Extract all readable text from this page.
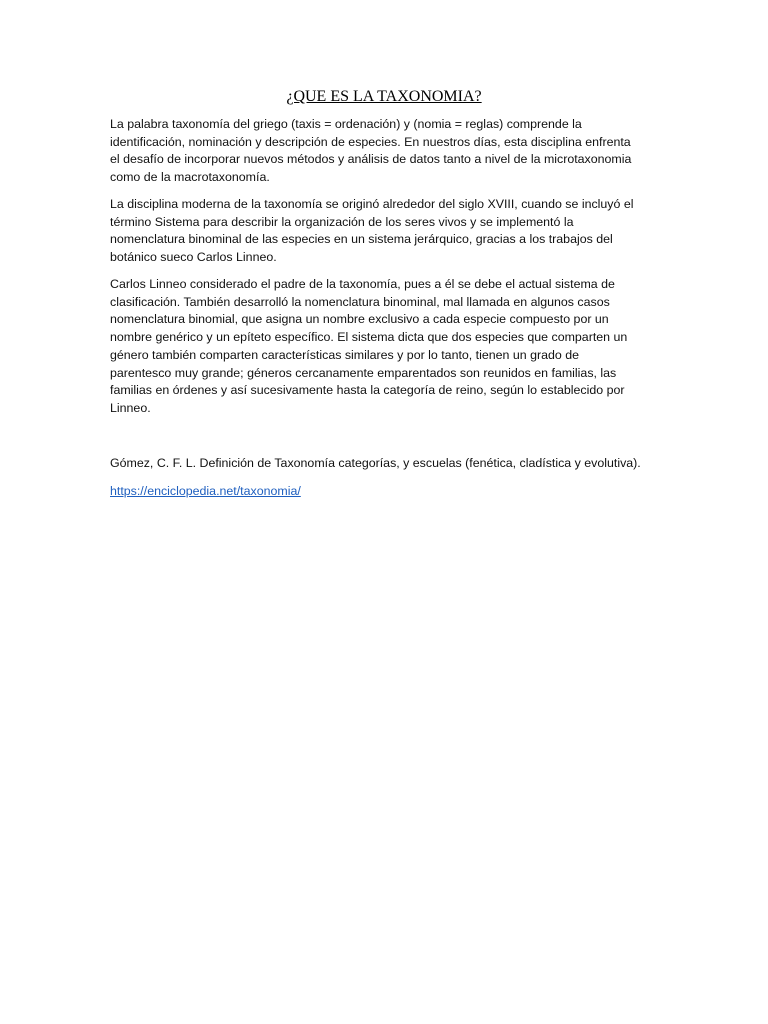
¿QUE ES LA TAXONOMIA?

La palabra taxonomía del griego (taxis = ordenación) y (nomia = reglas) comprende la
identificación, nominación y descripción de especies. En nuestros días, esta disciplina enfrenta
el desafío de incorporar nuevos métodos y análisis de datos tanto a nivel de la microtaxonomia
como de la macrotaxonomía.

La disciplina moderna de la taxonomía se originó alrededor del siglo XVIII, cuando se incluyó el
término Sistema para describir la organización de los seres vivos y se implementó la
nomenclatura binominal de las especies en un sistema jerárquico, gracias a los trabajos del
botánico sueco Carlos Linneo.

Carlos Linneo considerado el padre de la taxonomía, pues a él se debe el actual sistema de
clasificación. También desarrolló la nomenclatura binominal, mal llamada en algunos casos
nomenclatura binomial, que asigna un nombre exclusivo a cada especie compuesto por un
nombre genérico y un epíteto específico. El sistema dicta que dos especies que comparten un
género también comparten características similares y por lo tanto, tienen un grado de
parentesco muy grande; géneros cercanamente emparentados son reunidos en familias, las
familias en órdenes y así sucesivamente hasta la categoría de reino, según lo establecido por
Linneo.

Gómez, C. F. L. Definición de Taxonomía categorías, y escuelas (fenética, cladística y evolutiva).

https://enciclopedia.net/taxonomia/
